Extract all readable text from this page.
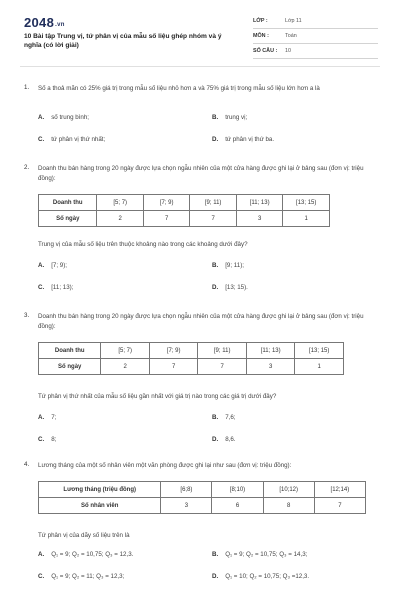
2048.vn
10 Bài tập Trung vị, tứ phân vị của mẫu số liệu ghép nhóm và ý nghĩa (có lời giải)
LỚP :	Lớp 11
MÔN :	Toán
SỐ CÂU :	10
1. Số a thoả mãn có 25% giá trị trong mẫu số liệu nhỏ hơn a và 75% giá trị trong mẫu số liệu lớn hơn a là
A. số trung bình;	B. trung vị;
C. tứ phân vị thứ nhất;	D. tứ phân vị thứ ba.
2. Doanh thu bán hàng trong 20 ngày được lựa chọn ngẫu nhiên của một cửa hàng được ghi lại ở bảng sau (đơn vị: triệu đồng):
Doanh thu	[5; 7)	[7; 9)	[9; 11)	[11; 13)	[13; 15)
Số ngày	2	7	7	3	1
Trung vị của mẫu số liệu trên thuộc khoảng nào trong các khoảng dưới đây?
A. [7; 9);	B. [9; 11);
C. [11; 13);	D. [13; 15).
3. Doanh thu bán hàng trong 20 ngày được lựa chọn ngẫu nhiên của một cửa hàng được ghi lại ở bảng sau (đơn vị: triệu đồng):
Doanh thu	[5; 7)	[7; 9)	[9; 11)	[11; 13)	[13; 15)
Số ngày	2	7	7	3	1
Tứ phân vị thứ nhất của mẫu số liệu gần nhất với giá trị nào trong các giá trị dưới đây?
A. 7;	B. 7,6;
C. 8;	D. 8,6.
4. Lương tháng của một số nhân viên một văn phòng được ghi lại như sau (đơn vị: triệu đồng):
Lương tháng (triệu đồng)	[6;8)	[8;10)	[10;12)	[12;14)
Số nhân viên	3	6	8	7
Tứ phân vị của dãy số liệu trên là
A. Q₁ = 9; Q₂ = 10,75; Q₃ = 12,3.	B. Q₁ = 9; Q₂ = 10,75; Q₃ = 14,3;
C. Q₁ = 9; Q₂ = 11; Q₃ = 12,3;	D. Q₁ = 10; Q₂ = 10,75; Q₃ =12,3.
